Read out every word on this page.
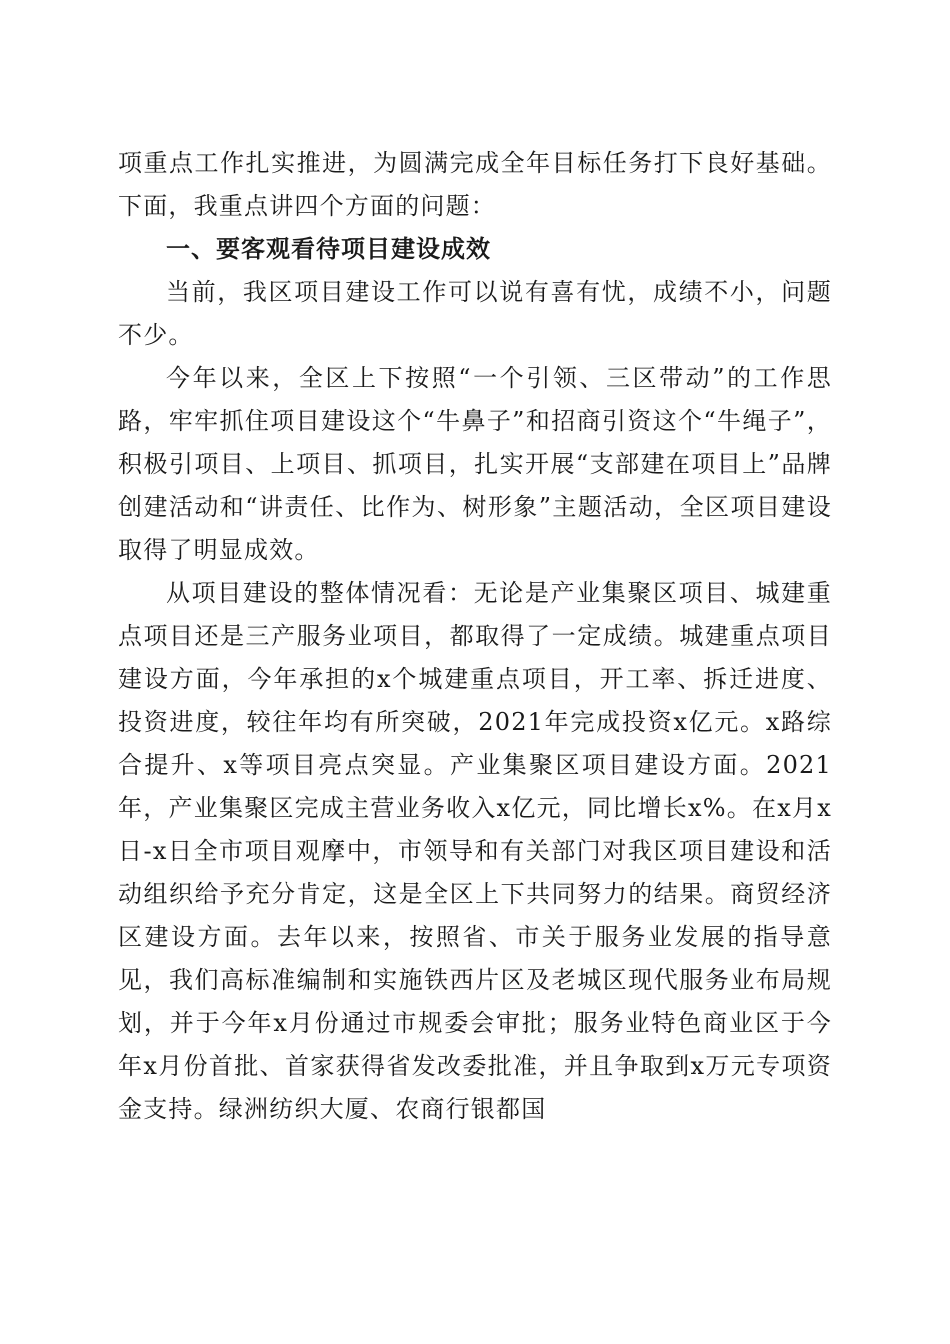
项重点工作扎实推进，为圆满完成全年目标任务打下良好基础。下面，我重点讲四个方面的问题：

一、要客观看待项目建设成效

当前，我区项目建设工作可以说有喜有忧，成绩不小，问题不少。

今年以来，全区上下按照“一个引领、三区带动”的工作思路，牢牢抓住项目建设这个“牛鼻子”和招商引资这个“牛绳子”，积极引项目、上项目、抓项目，扎实开展“支部建在项目上”品牌创建活动和“讲责任、比作为、树形象”主题活动，全区项目建设取得了明显成效。

从项目建设的整体情况看：无论是产业集聚区项目、城建重点项目还是三产服务业项目，都取得了一定成绩。城建重点项目建设方面，今年承担的x个城建重点项目，开工率、拆迁进度、投资进度，较往年均有所突破，2021年完成投资x亿元。x路综合提升、x等项目亮点突显。产业集聚区项目建设方面。2021年，产业集聚区完成主营业务收入x亿元，同比增长x%。在x月x日-x日全市项目观摩中，市领导和有关部门对我区项目建设和活动组织给予充分肯定，这是全区上下共同努力的结果。商贸经济区建设方面。去年以来，按照省、市关于服务业发展的指导意见，我们高标准编制和实施铁西片区及老城区现代服务业布局规划，并于今年x月份通过市规委会审批；服务业特色商业区于今年x月份首批、首家获得省发改委批准，并且争取到x万元专项资金支持。绿洲纺织大厦、农商行银都国
